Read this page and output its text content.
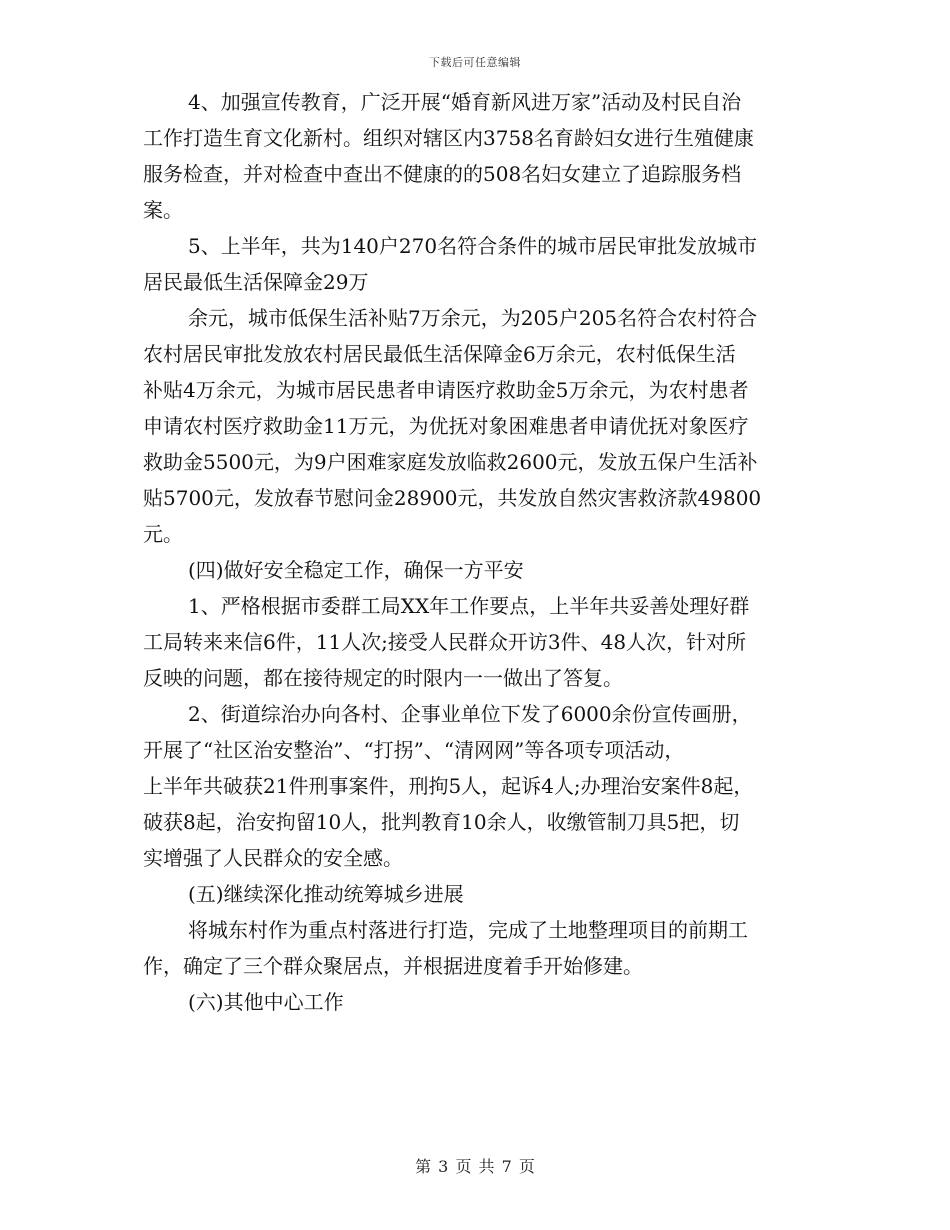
下载后可任意编辑
4、加强宣传教育，广泛开展“婚育新风进万家”活动及村民自治
工作打造生育文化新村。组织对辖区内3758名育龄妇女进行生殖健康
服务检查，并对检查中查出不健康的的508名妇女建立了追踪服务档
案。
5、上半年，共为140户270名符合条件的城市居民审批发放城市
居民最低生活保障金29万
余元，城市低保生活补贴7万余元，为205户205名符合农村符合
农村居民审批发放农村居民最低生活保障金6万余元，农村低保生活
补贴4万余元，为城市居民患者申请医疗救助金5万余元，为农村患者
申请农村医疗救助金11万元，为优抚对象困难患者申请优抚对象医疗
救助金5500元，为9户困难家庭发放临救2600元，发放五保户生活补
贴5700元，发放春节慰问金28900元，共发放自然灾害救济款49800
元。
(四)做好安全稳定工作，确保一方平安
1、严格根据市委群工局XX年工作要点，上半年共妥善处理好群
工局转来来信6件，11人次;接受人民群众开访3件、48人次，针对所
反映的问题，都在接待规定的时限内一一做出了答复。
2、街道综治办向各村、企事业单位下发了6000余份宣传画册，
开展了“社区治安整治”、“打拐”、“清网网”等各项专项活动，
上半年共破获21件刑事案件，刑拘5人，起诉4人;办理治安案件8起，
破获8起，治安拘留10人，批判教育10余人，收缴管制刀具5把，切
实增强了人民群众的安全感。
(五)继续深化推动统筹城乡进展
将城东村作为重点村落进行打造，完成了土地整理项目的前期工
作，确定了三个群众聚居点，并根据进度着手开始修建。
(六)其他中心工作
第 3 页 共 7 页
